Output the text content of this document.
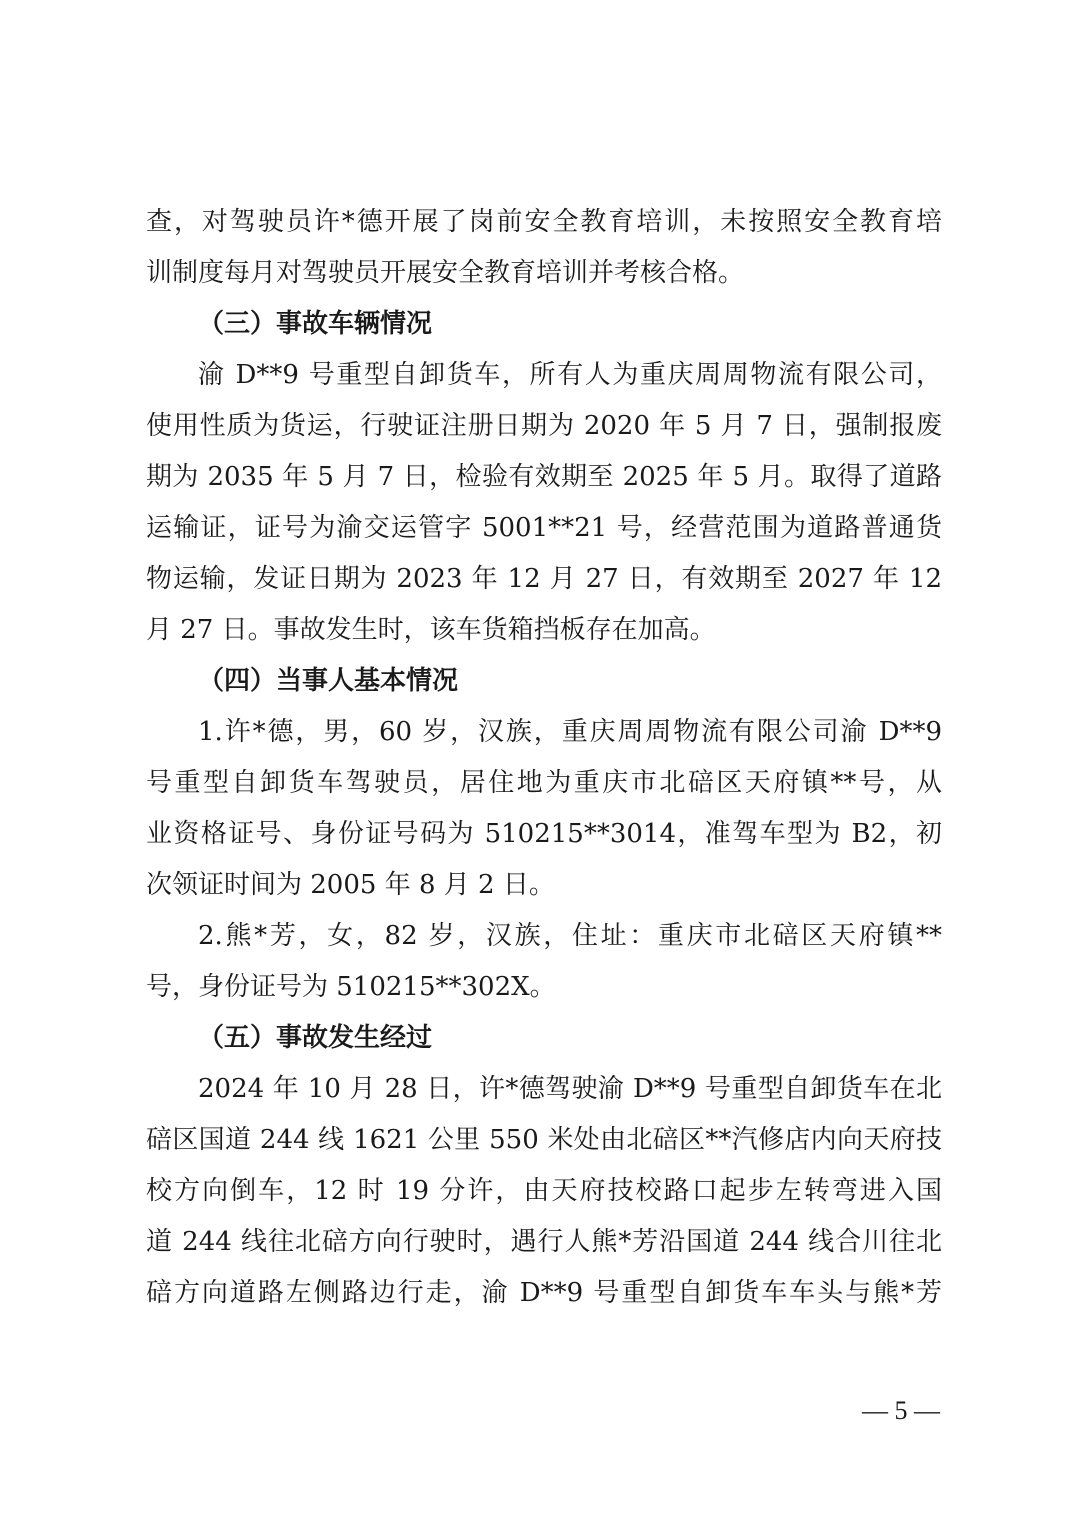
查，对驾驶员许*德开展了岗前安全教育培训，未按照安全教育培
训制度每月对驾驶员开展安全教育培训并考核合格。
（三）事故车辆情况
渝 D**9 号重型自卸货车，所有人为重庆周周物流有限公司，
使用性质为货运，行驶证注册日期为 2020 年 5 月 7 日，强制报废
期为 2035 年 5 月 7 日，检验有效期至 2025 年 5 月。取得了道路
运输证，证号为渝交运管字 5001**21 号，经营范围为道路普通货
物运输，发证日期为 2023 年 12 月 27 日，有效期至 2027 年 12
月 27 日。事故发生时，该车货箱挡板存在加高。
（四）当事人基本情况
1.许*德，男，60 岁，汉族，重庆周周物流有限公司渝 D**9
号重型自卸货车驾驶员，居住地为重庆市北碚区天府镇**号，从
业资格证号、身份证号码为 510215**3014，准驾车型为 B2，初
次领证时间为 2005 年 8 月 2 日。
2.熊*芳，女，82 岁，汉族，住址：重庆市北碚区天府镇**
号，身份证号为 510215**302X。
（五）事故发生经过
2024 年 10 月 28 日，许*德驾驶渝 D**9 号重型自卸货车在北
碚区国道 244 线 1621 公里 550 米处由北碚区**汽修店内向天府技
校方向倒车，12 时 19 分许，由天府技校路口起步左转弯进入国
道 244 线往北碚方向行驶时，遇行人熊*芳沿国道 244 线合川往北
碚方向道路左侧路边行走，渝 D**9 号重型自卸货车车头与熊*芳
— 5 —
